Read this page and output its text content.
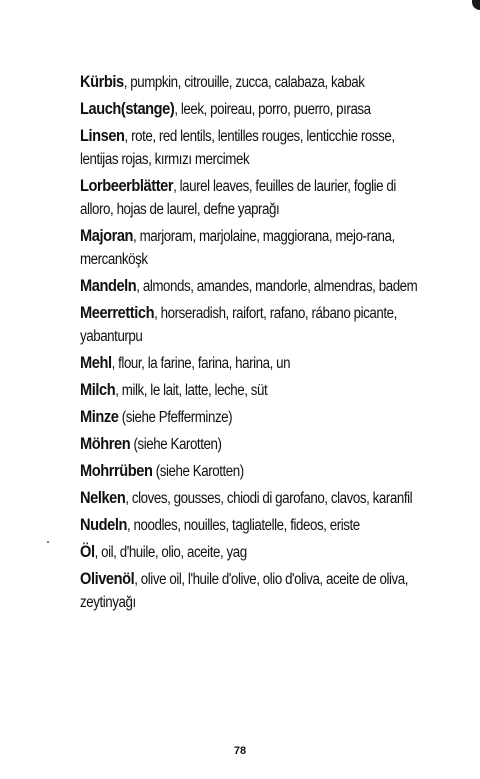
Kürbis, pumpkin, citrouille, zucca, calabaza, kabak

Lauch(stange), leek, poireau, porro, puerro, pırasa

Linsen, rote, red lentils, lentilles rouges, lenticchie rosse, lentijas rojas, kırmızı mercimek

Lorbeerblätter, laurel leaves, feuilles de laurier, foglie di alloro, hojas de laurel, defne yaprağı

Majoran, marjoram, marjolaine, maggiorana, mejo-rana, mercanköşk

Mandeln, almonds, amandes, mandorle, almendras, badem

Meerrettich, horseradish, raifort, rafano, rábano picante, yabanturpu

Mehl, flour, la farine, farina, harina, un

Milch, milk, le lait, latte, leche, süt

Minze (siehe Pfefferminze)

Möhren (siehe Karotten)

Mohrrüben (siehe Karotten)

Nelken, cloves, gousses, chiodi di garofano, clavos, karanfil

Nudeln, noodles, nouilles, tagliatelle, fideos, eriste

Öl, oil, d'huile, olio, aceite, yag

Olivenöl, olive oil, l'huile d'olive, olio d'oliva, aceite de oliva, zeytinyağı

78
